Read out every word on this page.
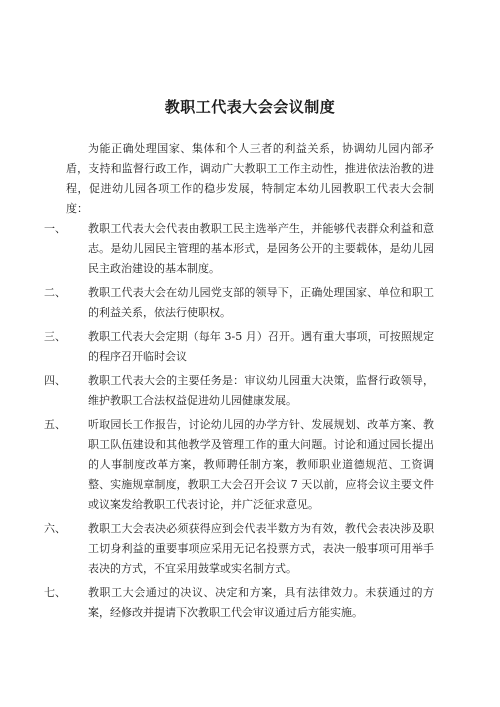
教职工代表大会会议制度

为能正确处理国家、集体和个人三者的利益关系，协调幼儿园内部矛盾，支持和监督行政工作，调动广大教职工工作主动性，推进依法治教的进程，促进幼儿园各项工作的稳步发展，特制定本幼儿园教职工代表大会制度：

一、	教职工代表大会代表由教职工民主选举产生，并能够代表群众利益和意志。是幼儿园民主管理的基本形式，是园务公开的主要载体，是幼儿园民主政治建设的基本制度。
二、	教职工代表大会在幼儿园党支部的领导下，正确处理国家、单位和职工的利益关系，依法行使职权。
三、	教职工代表大会定期（每年 3-5 月）召开。遇有重大事项，可按照规定的程序召开临时会议
四、	教职工代表大会的主要任务是：审议幼儿园重大决策，监督行政领导，维护教职工合法权益促进幼儿园健康发展。
五、	听取园长工作报告，讨论幼儿园的办学方针、发展规划、改革方案、教职工队伍建设和其他教学及管理工作的重大问题。讨论和通过园长提出的人事制度改革方案，教师聘任制方案，教师职业道德规范、工资调整、实施规章制度，教职工大会召开会议 7 天以前，应将会议主要文件或议案发给教职工代表讨论，并广泛征求意见。
六、	教职工大会表决必须获得应到会代表半数方为有效，教代会表决涉及职工切身利益的重要事项应采用无记名投票方式，表决一般事项可用举手表决的方式，不宜采用鼓掌或实名制方式。
七、	教职工大会通过的决议、决定和方案，具有法律效力。未获通过的方案，经修改并提请下次教职工代会审议通过后方能实施。
